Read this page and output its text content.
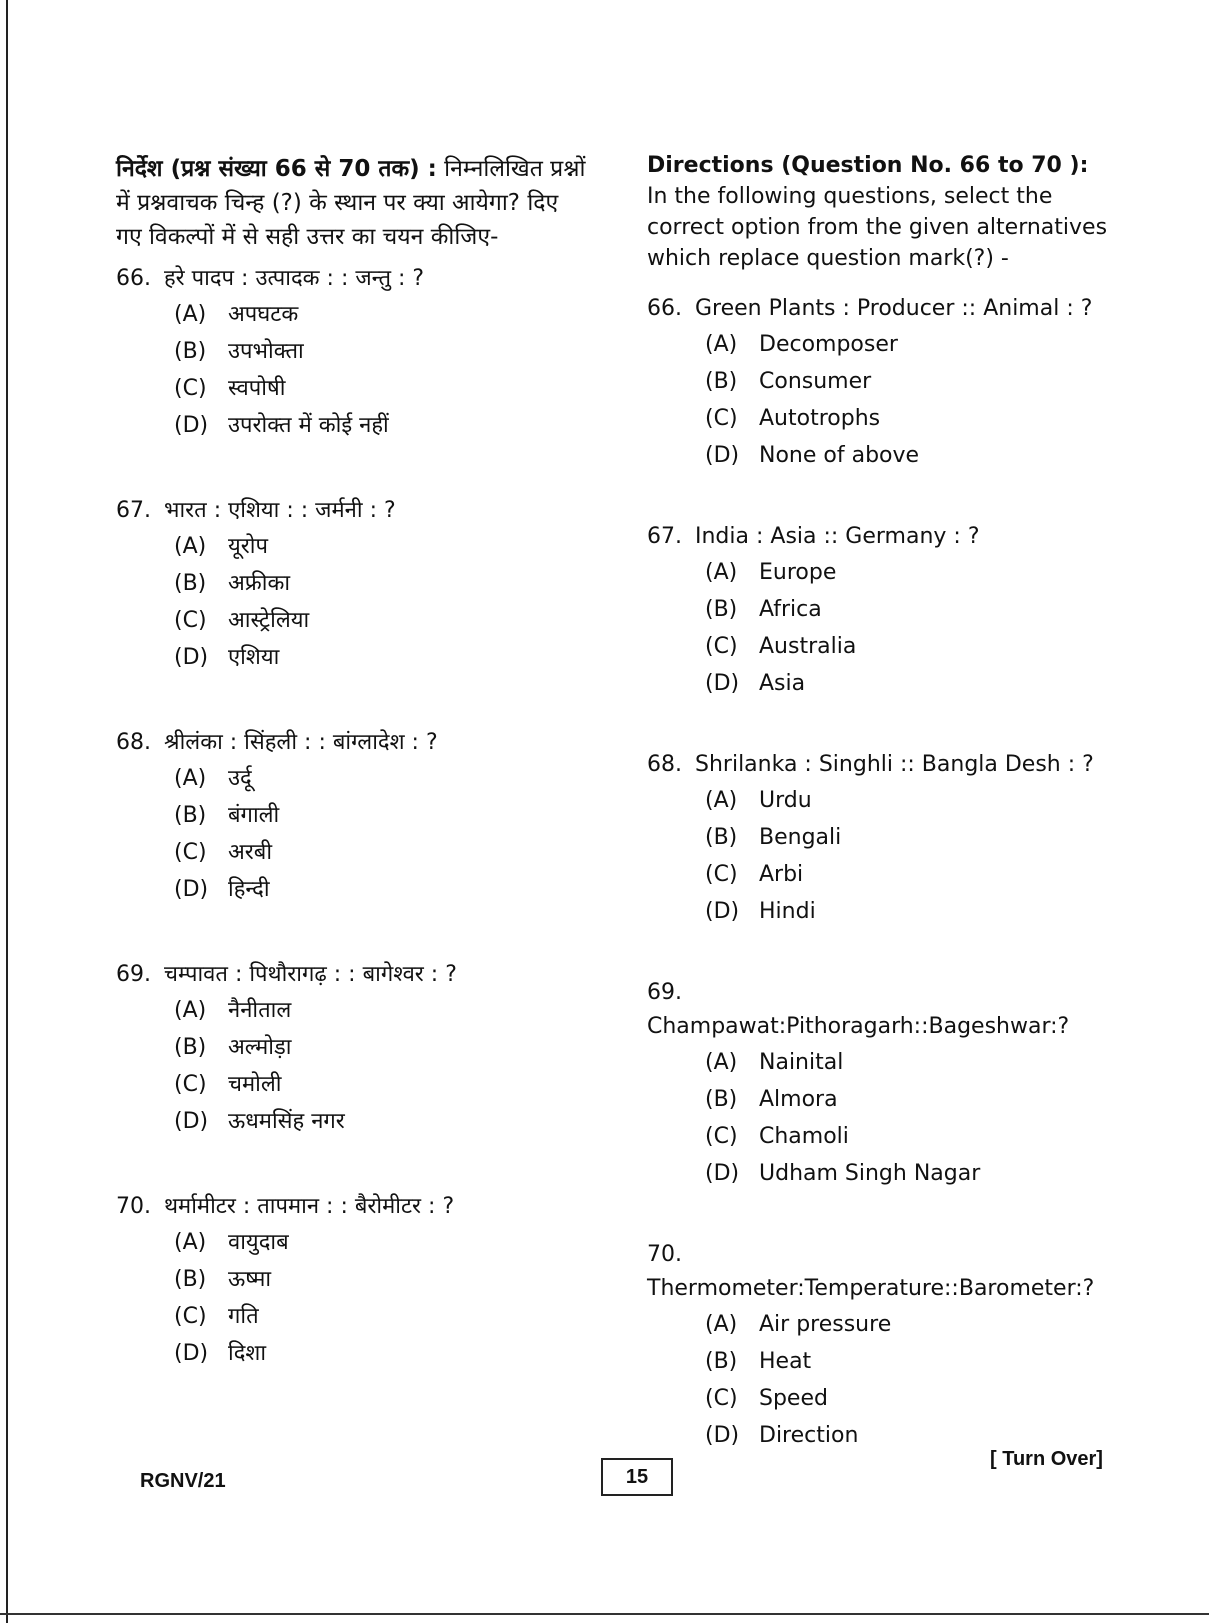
निर्देश (प्रश्न संख्या 66 से 70 तक) : निम्नलिखित प्रश्नों में प्रश्नवाचक चिन्ह (?) के स्थान पर क्या आयेगा? दिए गए विकल्पों में से सही उत्तर का चयन कीजिए-

66. हरे पादप : उत्पादक : : जन्तु : ?
(A) अपघटक
(B) उपभोक्ता
(C) स्वपोषी
(D) उपरोक्त में कोई नहीं
67. भारत : एशिया : : जर्मनी : ?
(A) यूरोप
(B) अफ्रीका
(C) आस्ट्रेलिया
(D) एशिया
68. श्रीलंका : सिंहली : : बांग्लादेश : ?
(A) उर्दू
(B) बंगाली
(C) अरबी
(D) हिन्दी
69. चम्पावत : पिथौरागढ़ : : बागेश्वर : ?
(A) नैनीताल
(B) अल्मोड़ा
(C) चमोली
(D) ऊधमसिंह नगर
70. थर्मामीटर : तापमान : : बैरोमीटर : ?
(A) वायुदाब
(B) ऊष्मा
(C) गति
(D) दिशा

Directions (Question No. 66 to 70 ):
In the following questions, select the correct option from the given alternatives which replace question mark(?) -

66. Green Plants : Producer :: Animal : ?
(A) Decomposer
(B) Consumer
(C) Autotrophs
(D) None of above
67. India : Asia :: Germany : ?
(A) Europe
(B) Africa
(C) Australia
(D) Asia
68. Shrilanka : Singhli :: Bangla Desh : ?
(A) Urdu
(B) Bengali
(C) Arbi
(D) Hindi
69.Champawat:Pithoragarh::Bageshwar:?
(A) Nainital
(B) Almora
(C) Chamoli
(D) Udham Singh Nagar
70.Thermometer:Temperature::Barometer:?
(A) Air pressure
(B) Heat
(C) Speed
(D) Direction
RGNV/21	15
[ Turn Over]
